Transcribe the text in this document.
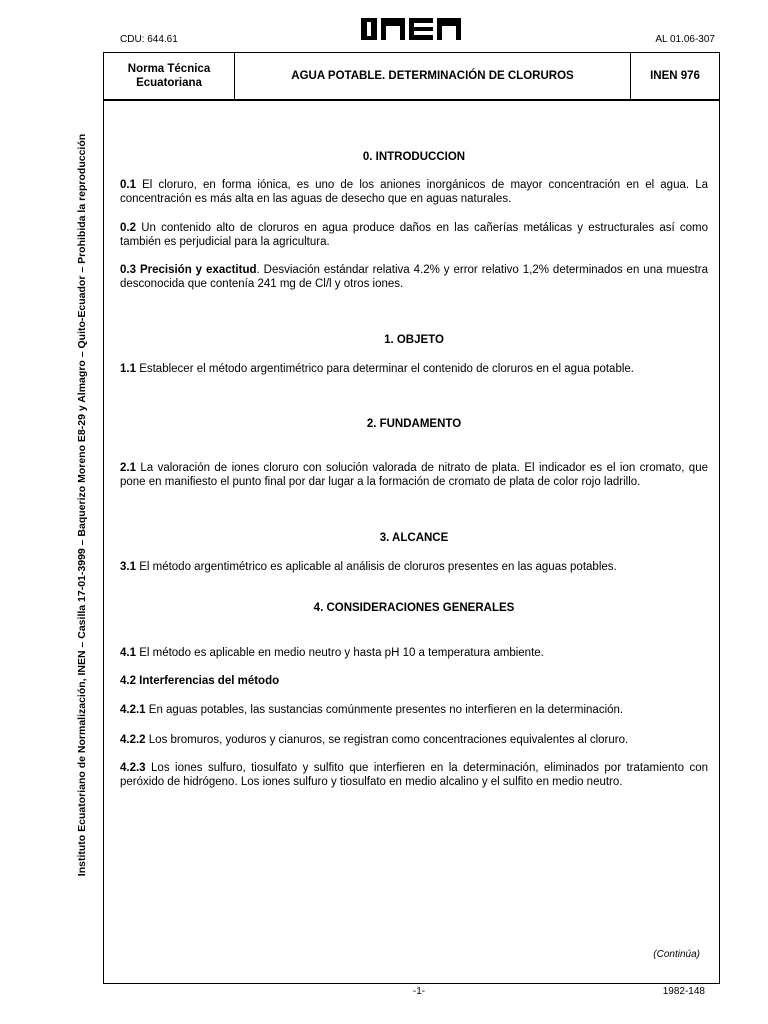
CDU: 644.61	AL 01.06-307
Norma Técnica
Ecuatoriana
AGUA POTABLE. DETERMINACIÓN DE CLORUROS	INEN 976
Instituto Ecuatoriano de Normalización, INEN – Casilla 17-01-3999 – Baquerizo Moreno E8-29 y Almagro – Quito-Ecuador – Prohibida la reproducción	0. INTRODUCCION
0.1 El cloruro, en forma iónica, es uno de los aniones inorgánicos de mayor concentración en el agua. La concentración es más alta en las aguas de desecho que en aguas naturales.
0.2 Un contenido alto de cloruros en agua produce daños en las cañerías metálicas y estructurales así como también es perjudicial para la agricultura.
0.3 Precisión y exactitud. Desviación estándar relativa 4.2% y error relativo 1,2% determinados en una muestra desconocida que contenía 241 mg de Cl/l y otros iones.
1. OBJETO
1.1 Establecer el método argentimétrico para determinar el contenido de cloruros en el agua potable.
2. FUNDAMENTO
2.1 La valoración de iones cloruro con solución valorada de nitrato de plata. El indicador es el ion cromato, que pone en manifiesto el punto final por dar lugar a la formación de cromato de plata de color rojo ladrillo.
3. ALCANCE
3.1 El método argentimétrico es aplicable al análisis de cloruros presentes en las aguas potables.
4. CONSIDERACIONES GENERALES
4.1 El método es aplicable en medio neutro y hasta pH 10 a temperatura ambiente.
4.2 Interferencias del método
4.2.1 En aguas potables, las sustancias comúnmente presentes no interfieren en la determinación.
4.2.2 Los bromuros, yoduros y cianuros, se registran como concentraciones equivalentes al cloruro.
4.2.3 Los iones sulfuro, tiosulfato y sulfito que interfieren en la determinación, eliminados por tratamiento con peróxido de hidrógeno. Los iones sulfuro y tiosulfato en medio alcalino y el sulfito en medio neutro.
(Continúa)
-1-	1982-148
